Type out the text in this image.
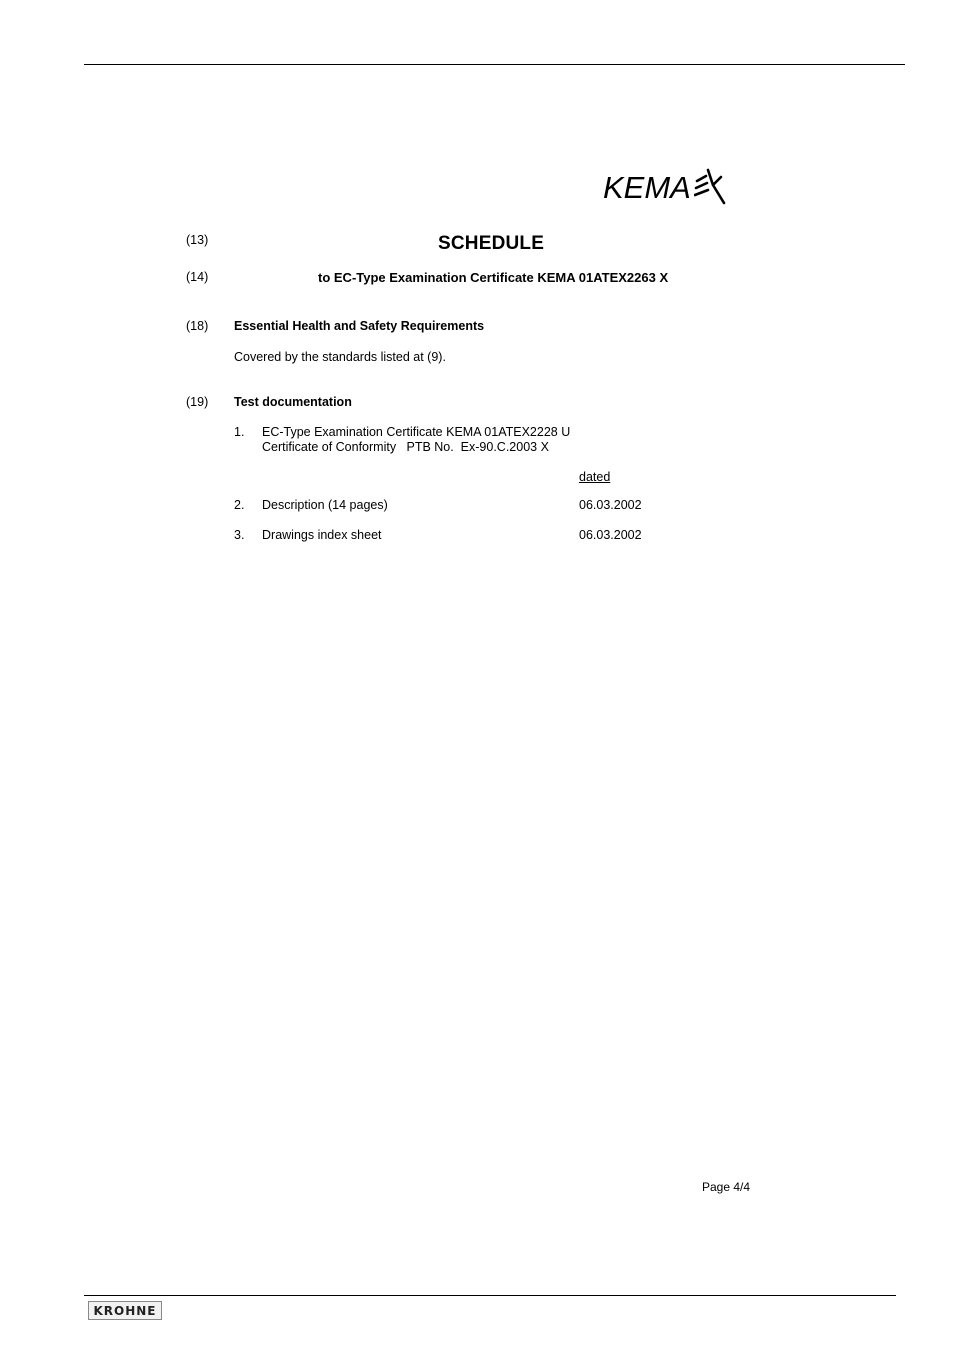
KEMA
(13)	SCHEDULE
(14)	to EC-Type Examination Certificate KEMA 01ATEX2263 X
(18) Essential Health and Safety Requirements
Covered by the standards listed at (9).
(19) Test documentation
1. EC-Type Examination Certificate KEMA 01ATEX2228 U
Certificate of Conformity   PTB No.  Ex-90.C.2003 X
dated
2. Description (14 pages)	06.03.2002
3. Drawings index sheet	06.03.2002
Page 4/4
KROHNE
